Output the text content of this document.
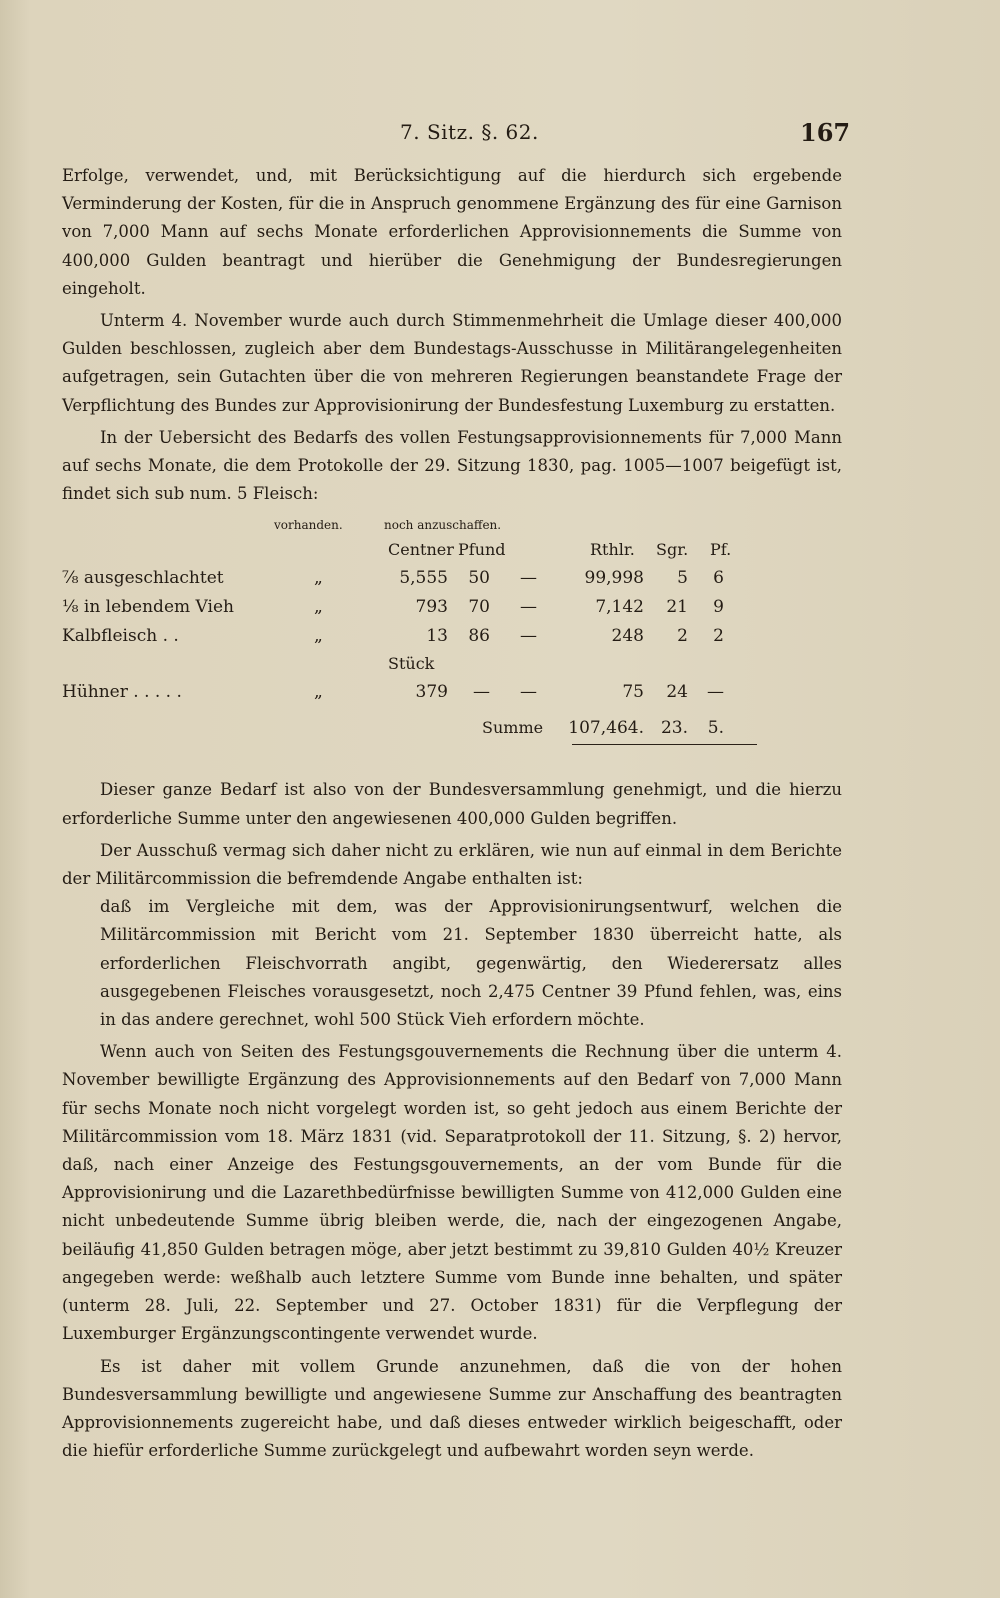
7. Sitz. §. 62.	167

Erfolge, verwendet, und, mit Berücksichtigung auf die hierdurch sich ergebende Verminderung der Kosten, für die in Anspruch genommene Ergänzung des für eine Garnison von 7,000 Mann auf sechs Monate erforderlichen Approvisionnements die Summe von 400,000 Gulden beantragt und hierüber die Genehmigung der Bundesregierungen eingeholt.

Unterm 4. November wurde auch durch Stimmenmehrheit die Umlage dieser 400,000 Gulden beschlossen, zugleich aber dem Bundestags-Ausschusse in Militärangelegenheiten aufgetragen, sein Gutachten über die von mehreren Regierungen beanstandete Frage der Verpflichtung des Bundes zur Approvisionirung der Bundesfestung Luxemburg zu erstatten.

In der Uebersicht des Bedarfs des vollen Festungsapprovisionnements für 7,000 Mann auf sechs Monate, die dem Protokolle der 29. Sitzung 1830, pag. 1005—1007 beigefügt ist, findet sich sub num. 5 Fleisch:

vorhanden.	noch anzuschaffen.
Centner Pfund	Rthlr. Sgr. Pf.
⅞ ausgeschlachtet	„	5,555	50 —	99,998	5	6
⅛ in lebendem Vieh	„	793	70 —	7,142	21	9
Kalbfleisch . .	„	13	86 —	248	2	2
Stück
Hühner . . . . .	„	379	— —	75	24 —
Summe	107,464. 23.	5.

Dieser ganze Bedarf ist also von der Bundesversammlung genehmigt, und die hierzu erforderliche Summe unter den angewiesenen 400,000 Gulden begriffen.

Der Ausschuß vermag sich daher nicht zu erklären, wie nun auf einmal in dem Berichte der Militärcommission die befremdende Angabe enthalten ist:

daß im Vergleiche mit dem, was der Approvisionirungsentwurf, welchen die Militärcommission mit Bericht vom 21. September 1830 überreicht hatte, als erforderlichen Fleischvorrath angibt, gegenwärtig, den Wiederersatz alles ausgegebenen Fleisches vorausgesetzt, noch 2,475 Centner 39 Pfund fehlen, was, eins in das andere gerechnet, wohl 500 Stück Vieh erfordern möchte.

Wenn auch von Seiten des Festungsgouvernements die Rechnung über die unterm 4. November bewilligte Ergänzung des Approvisionnements auf den Bedarf von 7,000 Mann für sechs Monate noch nicht vorgelegt worden ist, so geht jedoch aus einem Berichte der Militärcommission vom 18. März 1831 (vid. Separatprotokoll der 11. Sitzung, §. 2) hervor, daß, nach einer Anzeige des Festungsgouvernements, an der vom Bunde für die Approvisionirung und die Lazarethbedürfnisse bewilligten Summe von 412,000 Gulden eine nicht unbedeutende Summe übrig bleiben werde, die, nach der eingezogenen Angabe, beiläufig 41,850 Gulden betragen möge, aber jetzt bestimmt zu 39,810 Gulden 40½ Kreuzer angegeben werde: weßhalb auch letztere Summe vom Bunde inne behalten, und später (unterm 28. Juli, 22. September und 27. October 1831) für die Verpflegung der Luxemburger Ergänzungscontingente verwendet wurde.

Es ist daher mit vollem Grunde anzunehmen, daß die von der hohen Bundesversammlung bewilligte und angewiesene Summe zur Anschaffung des beantragten Approvisionnements zugereicht habe, und daß dieses entweder wirklich beigeschafft, oder die hiefür erforderliche Summe zurückgelegt und aufbewahrt worden seyn werde.
